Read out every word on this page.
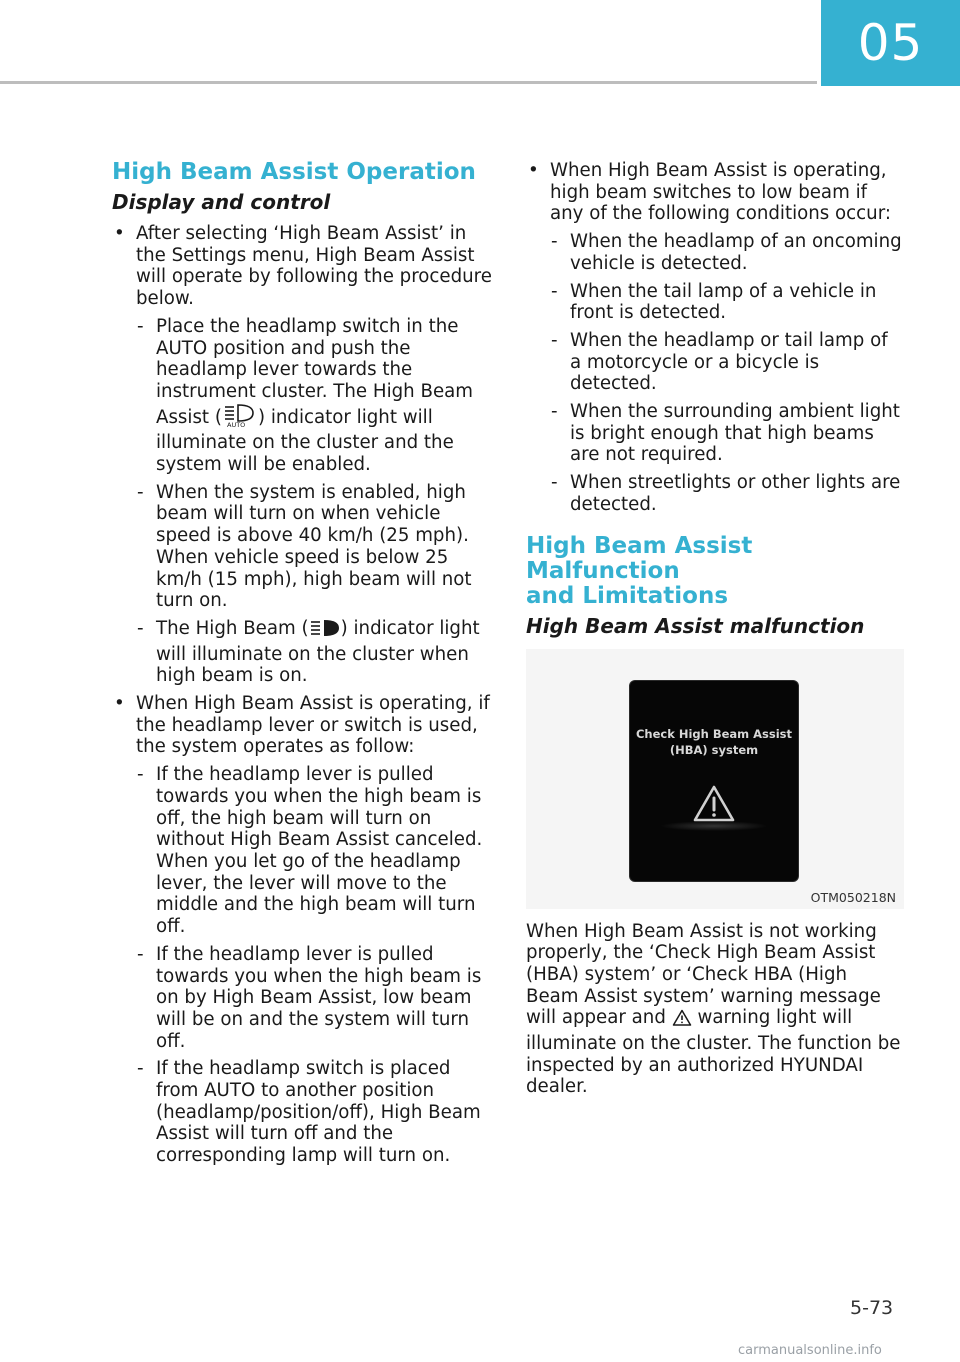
05
High Beam Assist Operation
Display and control
• After selecting ‘High Beam Assist’ in the Settings menu, High Beam Assist will operate by following the procedure below.
- Place the headlamp switch in the AUTO position and push the headlamp lever towards the instrument cluster. The High Beam Assist ( AUTO ) indicator light will illuminate on the cluster and the system will be enabled.
- When the system is enabled, high beam will turn on when vehicle speed is above 40 km/h (25 mph). When vehicle speed is below 25 km/h (15 mph), high beam will not turn on.
- The High Beam ( ) indicator light will illuminate on the cluster when high beam is on.
• When High Beam Assist is operating, if the headlamp lever or switch is used, the system operates as follow:
- If the headlamp lever is pulled towards you when the high beam is off, the high beam will turn on without High Beam Assist canceled. When you let go of the headlamp lever, the lever will move to the middle and the high beam will turn off.
- If the headlamp lever is pulled towards you when the high beam is on by High Beam Assist, low beam will be on and the system will turn off.
- If the headlamp switch is placed from AUTO to another position (headlamp/position/off), High Beam Assist will turn off and the corresponding lamp will turn on.
• When High Beam Assist is operating, high beam switches to low beam if any of the following conditions occur:
- When the headlamp of an oncoming vehicle is detected.
- When the tail lamp of a vehicle in front is detected.
- When the headlamp or tail lamp of a motorcycle or a bicycle is detected.
- When the surrounding ambient light is bright enough that high beams are not required.
- When streetlights or other lights are detected.
High Beam Assist Malfunction
and Limitations
High Beam Assist malfunction
Check High Beam Assist
(HBA) system
OTM050218N
When High Beam Assist is not working properly, the ‘Check High Beam Assist (HBA) system’ or ‘Check HBA (High Beam Assist system’ warning message will appear and  warning light will illuminate on the cluster. The function be inspected by an authorized HYUNDAI dealer.
5-73
carmanualsonline.info
